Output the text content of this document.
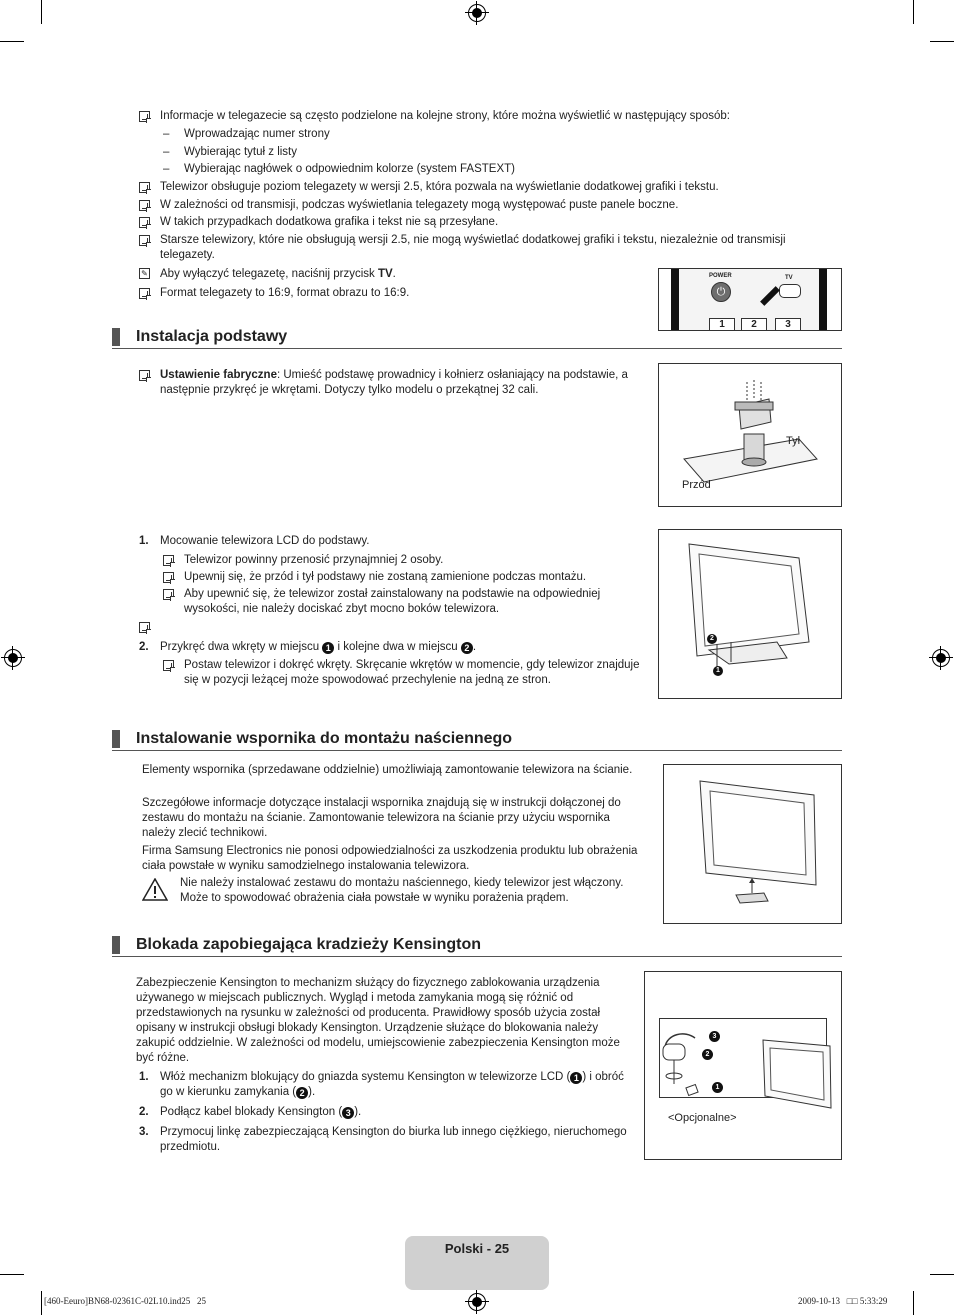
Informacje w telegazecie są często podzielone na kolejne strony, które można wyświetlić w następujący sposób:
– Wprowadzając numer strony
– Wybierając tytuł z listy
– Wybierając nagłówek o odpowiednim kolorze (system FASTEXT)
Telewizor obsługuje poziom telegazety w wersji 2.5, która pozwala na wyświetlanie dodatkowej grafiki i tekstu.
W zależności od transmisji, podczas wyświetlania telegazety mogą występować puste panele boczne.
W takich przypadkach dodatkowa grafika i tekst nie są przesyłane.
Starsze telewizory, które nie obsługują wersji 2.5, nie mogą wyświetlać dodatkowej grafiki i tekstu, niezależnie od transmisji telegazety.
✎ Aby wyłączyć telegazetę, naciśnij przycisk TV.
Format telegazety to 16:9, format obrazu to 16:9.
POWER
⏻
TV
1	2	3
Instalacja podstawy
Ustawienie fabryczne: Umieść podstawę prowadnicy i kołnierz osłaniający na podstawie, a następnie przykręć je wkrętami. Dotyczy tylko modelu o przekątnej 32 cali.
Tył
Przód
1. Mocowanie telewizora LCD do podstawy.
Telewizor powinny przenosić przynajmniej 2 osoby.
Upewnij się, że przód i tył podstawy nie zostaną zamienione podczas montażu.
Aby upewnić się, że telewizor został zainstalowany na podstawie na odpowiedniej wysokości, nie należy dociskać zbyt mocno boków telewizora.
2. Przykręć dwa wkręty w miejscu 1 i kolejne dwa w miejscu 2 .
Postaw telewizor i dokręć wkręty. Skręcanie wkrętów w momencie, gdy telewizor znajduje się w pozycji leżącej może spowodować przechylenie na jedną ze stron.
2
1
Instalowanie wspornika do montażu naściennego
Elementy wspornika (sprzedawane oddzielnie) umożliwiają zamontowanie telewizora na ścianie.
Szczegółowe informacje dotyczące instalacji wspornika znajdują się w instrukcji dołączonej do zestawu do montażu na ścianie. Zamontowanie telewizora na ścianie przy użyciu wspornika należy zlecić technikowi.
Firma Samsung Electronics nie ponosi odpowiedzialności za uszkodzenia produktu lub obrażenia ciała powstałe w wyniku samodzielnego instalowania telewizora.
Nie należy instalować zestawu do montażu naściennego, kiedy telewizor jest włączony. Może to spowodować obrażenia ciała powstałe w wyniku porażenia prądem.
Blokada zapobiegająca kradzieży Kensington
Zabezpieczenie Kensington to mechanizm służący do fizycznego zablokowania urządzenia używanego w miejscach publicznych. Wygląd i metoda zamykania mogą się różnić od przedstawionych na rysunku w zależności od producenta. Prawidłowy sposób użycia został opisany w instrukcji obsługi blokady Kensington. Urządzenie służące do blokowania należy zakupić oddzielnie. W zależności od modelu, umiejscowienie zabezpieczenia Kensington może być różne.
1. Włóż mechanizm blokujący do gniazda systemu Kensington w telewizorze LCD ( 1 ) i obróć go w kierunku zamykania ( 2 ).
2. Podłącz kabel blokady Kensington ( 3 ).
3. Przymocuj linkę zabezpieczającą Kensington do biurka lub innego ciężkiego, nieruchomego przedmiotu.
3
2
1
<Opcjonalne>
Polski - 25
[460-Eeuro]BN68-02361C-02L10.ind25   25	2009-10-13   □□ 5:33:29
